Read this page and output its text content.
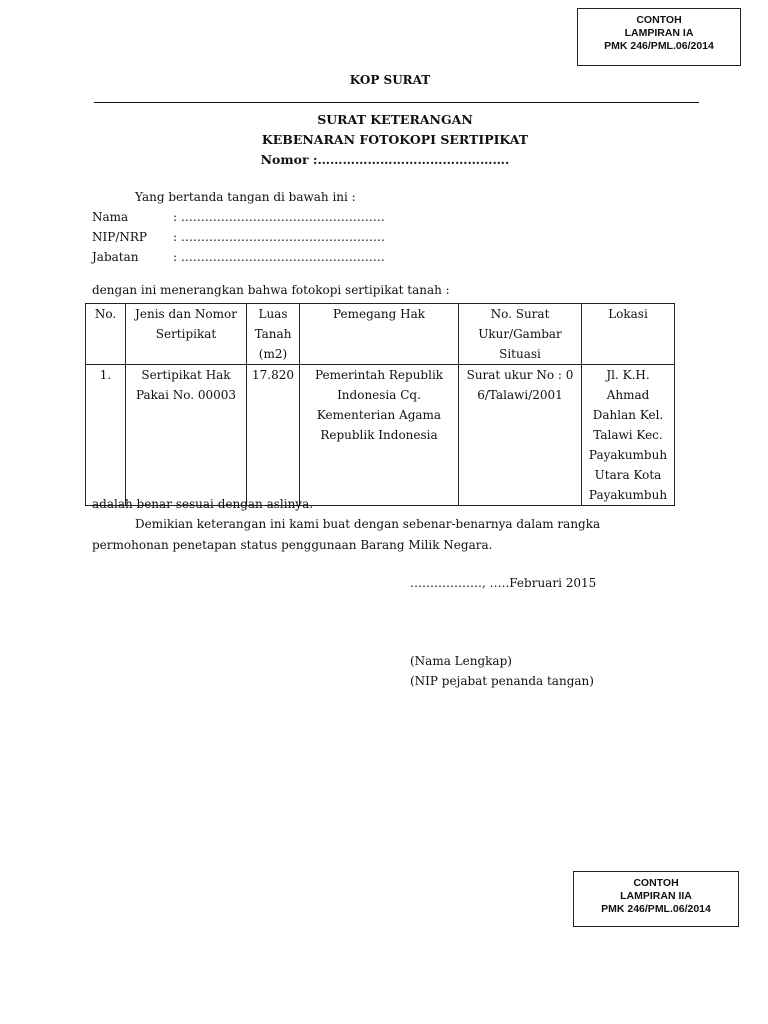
CONTOH
LAMPIRAN IA
PMK 246/PML.06/2014
KOP SURAT
SURAT KETERANGAN
KEBENARAN FOTOKOPI SERTIPIKAT
Nomor :……………………………………….
Yang bertanda tangan di bawah ini :
Nama	: ……………………………………………
NIP/NRP : ……………………………………………
Jabatan	: ……………………………………………
dengan ini menerangkan bahwa fotokopi sertipikat tanah :
No.	Jenis dan Nomor Sertipikat	Luas Tanah (m2)	Pemegang Hak	No. Surat Ukur/Gambar Situasi	Lokasi
1.	Sertipikat Hak Pakai No. 00003	17.820	Pemerintah Republik Indonesia Cq. Kementerian Agama Republik Indonesia	Surat ukur No : 06/Talawi/2001	Jl. K.H. Ahmad Dahlan Kel. Talawi Kec. Payakumbuh Utara Kota Payakumbuh
adalah benar sesuai dengan aslinya.
Demikian keterangan ini kami buat dengan sebenar-benarnya dalam rangka
permohonan penetapan status penggunaan Barang Milik Negara.
………………, …..Februari 2015
(Nama Lengkap)
(NIP pejabat penanda tangan)
CONTOH
LAMPIRAN IIA
PMK 246/PML.06/2014
